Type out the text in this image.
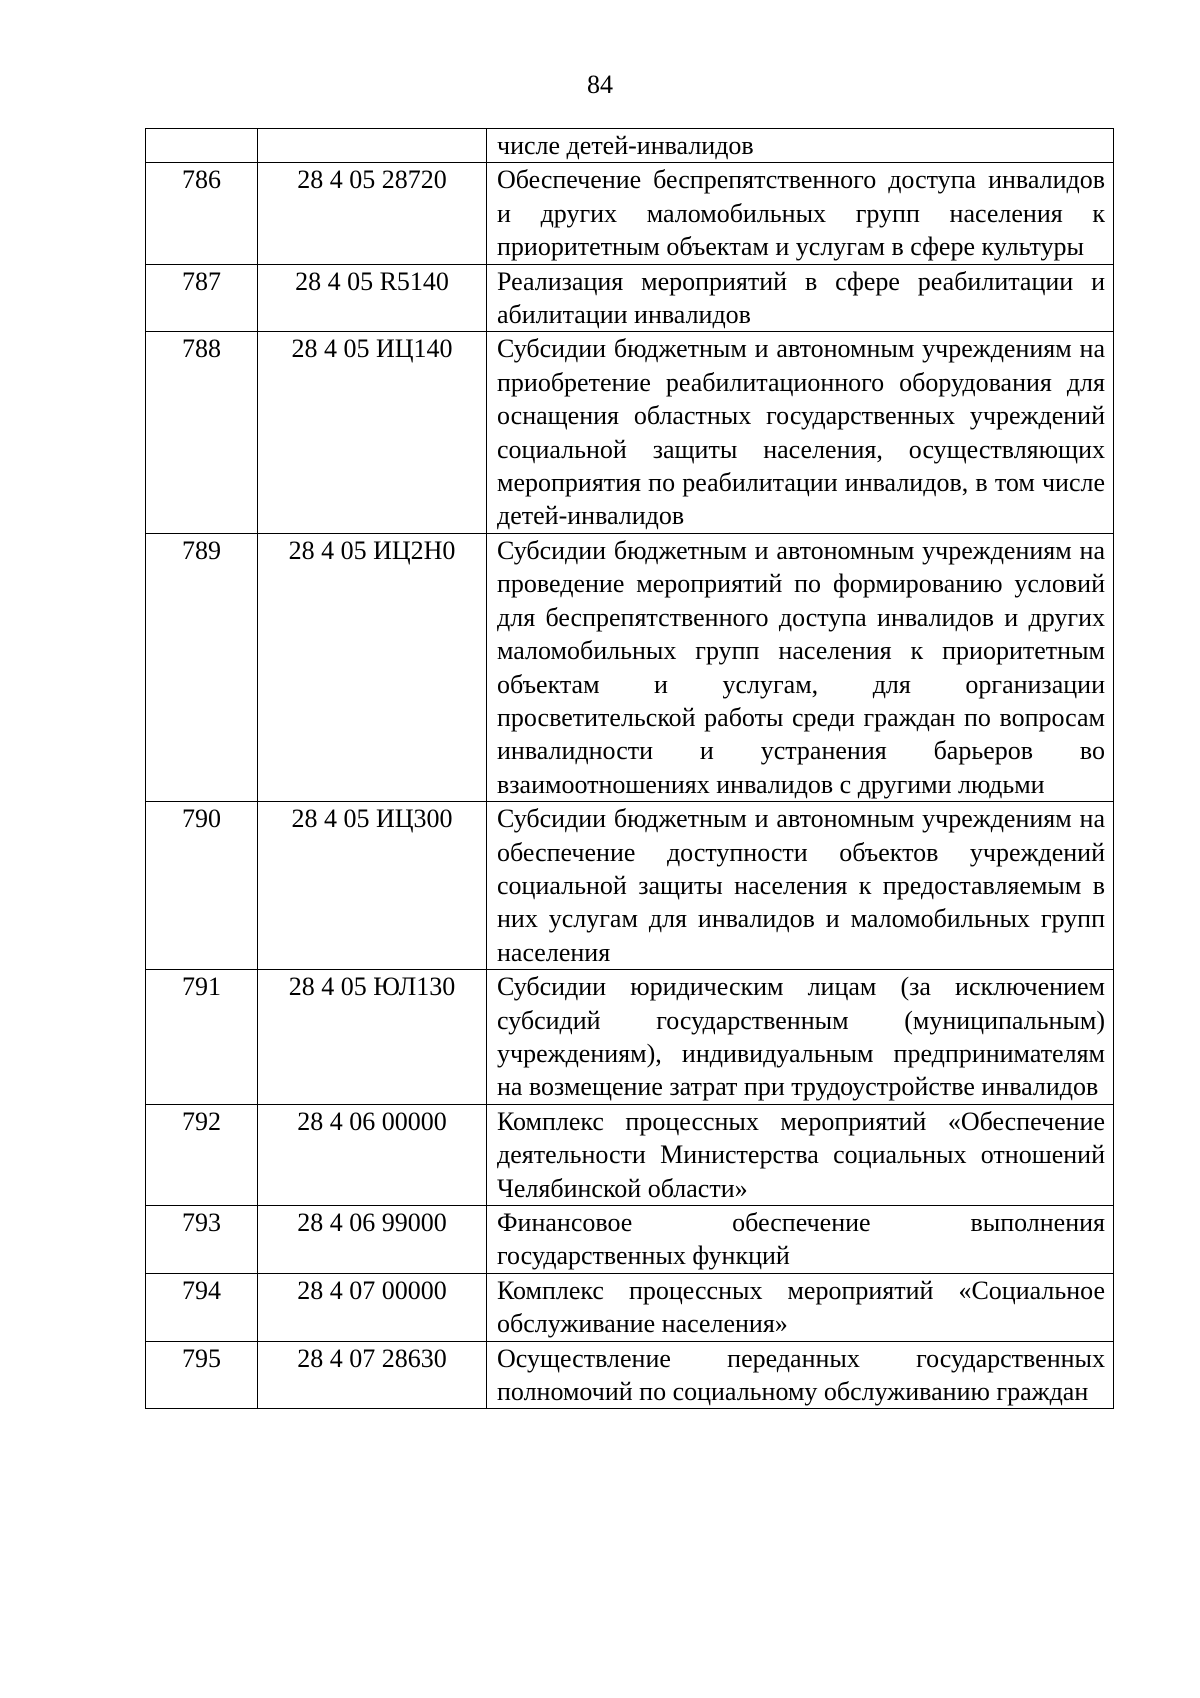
84

		числе детей-инвалидов

786	28 4 05 28720	Обеспечение беспрепятственного доступа инвалидов и других маломобильных групп населения к приоритетным объектам и услугам в сфере культуры

787	28 4 05 R5140	Реализация мероприятий в сфере реабилитации и абилитации инвалидов

788	28 4 05 ИЦ140	Субсидии бюджетным и автономным учреждениям на приобретение реабилитационного оборудования для оснащения областных государственных учреждений социальной защиты населения, осуществляющих мероприятия по реабилитации инвалидов, в том числе детей-инвалидов

789	28 4 05 ИЦ2Н0	Субсидии бюджетным и автономным учреждениям на проведение мероприятий по формированию условий для беспрепятственного доступа инвалидов и других маломобильных групп населения к приоритетным объектам и услугам, для организации просветительской работы среди граждан по вопросам инвалидности и устранения барьеров во взаимоотношениях инвалидов с другими людьми

790	28 4 05 ИЦ300	Субсидии бюджетным и автономным учреждениям на обеспечение доступности объектов учреждений социальной защиты населения к предоставляемым в них услугам для инвалидов и маломобильных групп населения

791	28 4 05 ЮЛ130	Субсидии юридическим лицам (за исключением субсидий государственным (муниципальным) учреждениям), индивидуальным предпринимателям на возмещение затрат при трудоустройстве инвалидов

792	28 4 06 00000	Комплекс процессных мероприятий «Обеспечение деятельности Министерства социальных отношений Челябинской области»

793	28 4 06 99000	Финансовое обеспечение выполнения государственных функций

794	28 4 07 00000	Комплекс процессных мероприятий «Социальное обслуживание населения»

795	28 4 07 28630	Осуществление переданных государственных полномочий по социальному обслуживанию граждан
